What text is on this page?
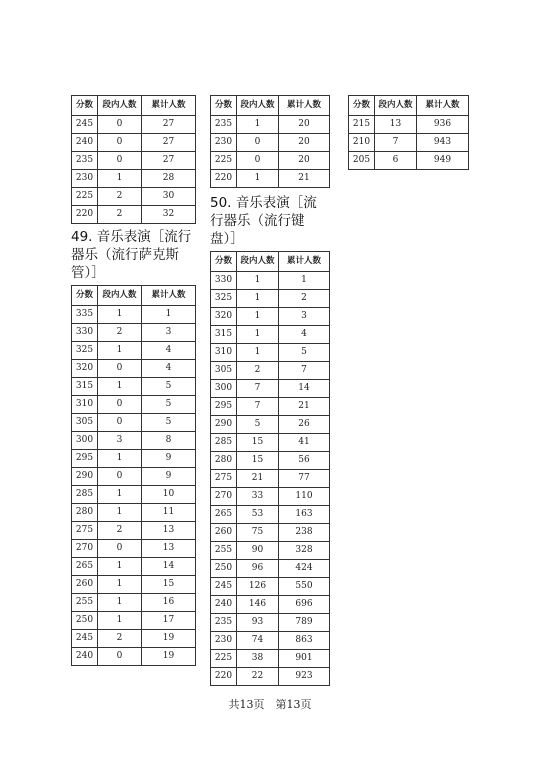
分数	段内人数	累计人数
245	0	27
240	0	27
235	0	27
230	1	28
225	2	30
220	2	32
49. 音乐表演［流行器乐（流行萨克斯管）］
分数	段内人数	累计人数
335	1	1
330	2	3
325	1	4
320	0	4
315	1	5
310	0	5
305	0	5
300	3	8
295	1	9
290	0	9
285	1	10
280	1	11
275	2	13
270	0	13
265	1	14
260	1	15
255	1	16
250	1	17
245	2	19
240	0	19
分数	段内人数	累计人数
235	1	20
230	0	20
225	0	20
220	1	21
50. 音乐表演［流行器乐（流行键盘）］
分数	段内人数	累计人数
330	1	1
325	1	2
320	1	3
315	1	4
310	1	5
305	2	7
300	7	14
295	7	21
290	5	26
285	15	41
280	15	56
275	21	77
270	33	110
265	53	163
260	75	238
255	90	328
250	96	424
245	126	550
240	146	696
235	93	789
230	74	863
225	38	901
220	22	923
分数	段内人数	累计人数
215	13	936
210	7	943
205	6	949
共13页　第13页
